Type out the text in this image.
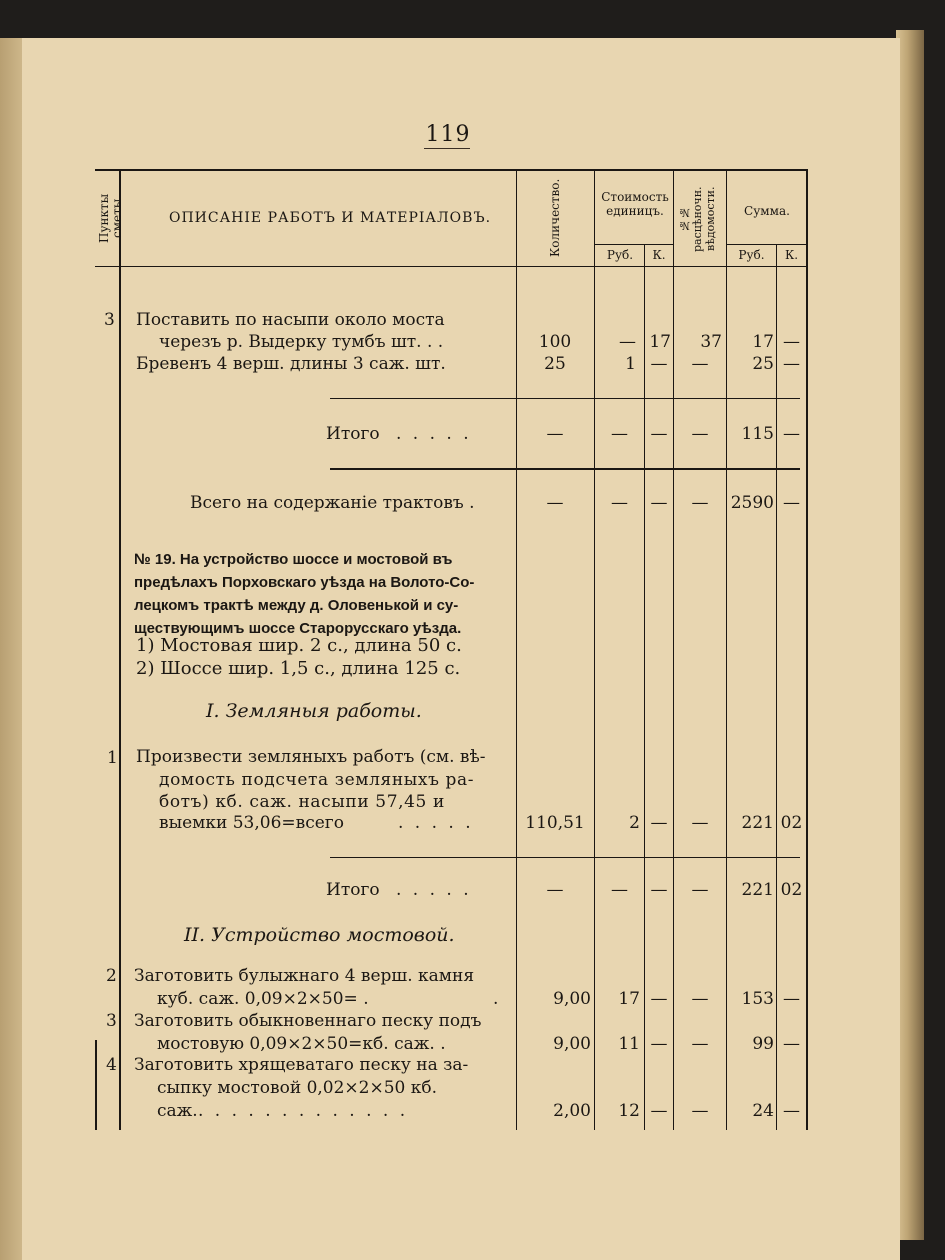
119
Пункты сметы	ОПИСАНІЕ РАБОТЪ И МАТЕРІАЛОВЪ.	Количество.	Стоимость единицъ.	№№ расцѣночн. вѣдомости.	Сумма.
Руб.	К.	Руб.	К.
3 Поставить по насыпи около моста
черезъ р. Выдерку тумбъ шт. . .	100	— 17	37	17 —
Бревенъ 4 верш. длины 3 саж. шт.	25	1 —	—	25 —
Итого . . . . .	—	—	—	—	115 —
Всего на содержаніе трактовъ .	—	—	—	—	2590 —
№ 19. На устройство шоссе и мостовой въ
предѣлахъ Порховскаго уѣзда на Волото-Со-
лецкомъ трактѣ между д. Оловенькой и су-
ществующимъ шоссе Старорусскаго уѣзда.
1) Мостовая шир. 2 с., длина 50 с.
2) Шоссе шир. 1,5 с., длина 125 с.
I. Земляныя работы.
1 Произвести земляныхъ работъ (см. вѣ-
домость подсчета земляныхъ ра-
ботъ) кб. саж. насыпи 57,45 и
выемки 53,06=всего	. . . . .	110,51	2 —	—	221 02
Итого . . . . .	—	—	—	—	221 02
II. Устройство мостовой.
2 Заготовить булыжнаго 4 верш. камня
куб. саж. 0,09×2×50= .	.	9,00	17 —	—	153 —
3 Заготовить обыкновеннаго песку подъ
мостовую 0,09×2×50=кб. саж. .	9,00	11 —	—	99 —
4 Заготовить хрящеватаго песку на за-
сыпку мостовой 0,02×2×50 кб.
саж. . . . . . . . . . . . . .	2,00	12 —	—	24 —
